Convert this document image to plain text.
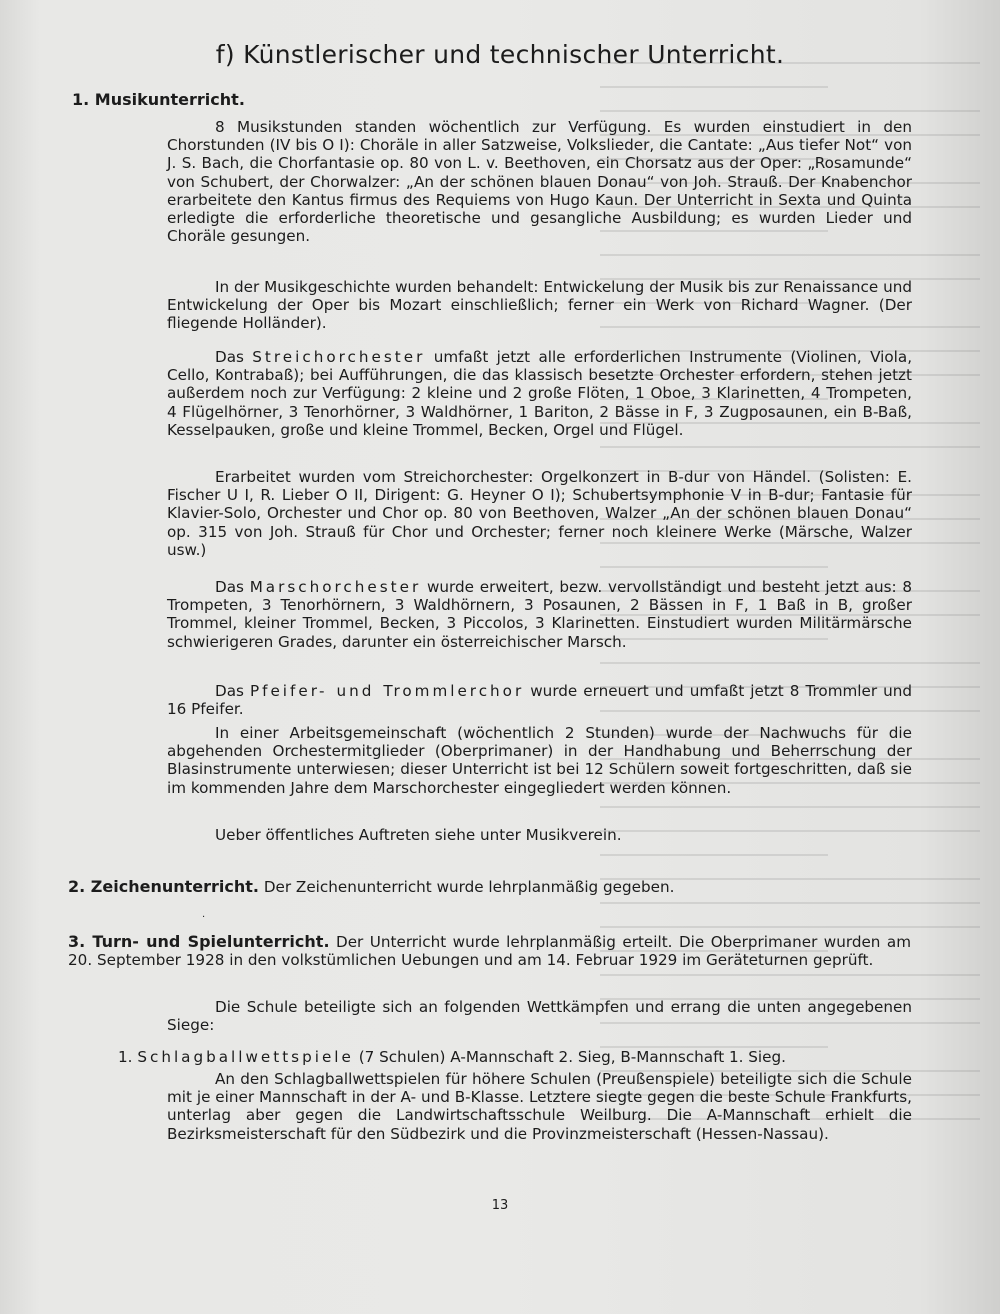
f) Künstlerischer und technischer Unterricht.
1. Musikunterricht.

8 Musikstunden standen wöchentlich zur Verfügung. Es wurden einstudiert in den Chorstunden (IV bis O I): Choräle in aller Satzweise, Volkslieder, die Cantate: „Aus tiefer Not“ von J. S. Bach, die Chorfantasie op. 80 von L. v. Beethoven, ein Chorsatz aus der Oper: „Rosamunde“ von Schubert, der Chorwalzer: „An der schönen blauen Donau“ von Joh. Strauß. Der Knabenchor erarbeitete den Kantus firmus des Requiems von Hugo Kaun. Der Unterricht in Sexta und Quinta erledigte die erforderliche theoretische und gesangliche Ausbildung; es wurden Lieder und Choräle gesungen.

In der Musikgeschichte wurden behandelt: Entwickelung der Musik bis zur Renaissance und Entwickelung der Oper bis Mozart einschließlich; ferner ein Werk von Richard Wagner. (Der fliegende Holländer).

Das Streichorchester umfaßt jetzt alle erforderlichen Instrumente (Violinen, Viola, Cello, Kontrabaß); bei Aufführungen, die das klassisch besetzte Orchester erfordern, stehen jetzt außerdem noch zur Verfügung: 2 kleine und 2 große Flöten, 1 Oboe, 3 Klarinetten, 4 Trompeten, 4 Flügelhörner, 3 Tenorhörner, 3 Waldhörner, 1 Bariton, 2 Bässe in F, 3 Zugposaunen, ein B-Baß, Kesselpauken, große und kleine Trommel, Becken, Orgel und Flügel.

Erarbeitet wurden vom Streichorchester: Orgelkonzert in B-dur von Händel. (Solisten: E. Fischer U I, R. Lieber O II, Dirigent: G. Heyner O I); Schubertsymphonie V in B-dur; Fantasie für Klavier-Solo, Orchester und Chor op. 80 von Beethoven, Walzer „An der schönen blauen Donau“ op. 315 von Joh. Strauß für Chor und Orchester; ferner noch kleinere Werke (Märsche, Walzer usw.)

Das Marschorchester wurde erweitert, bezw. vervollständigt und besteht jetzt aus: 8 Trompeten, 3 Tenorhörnern, 3 Waldhörnern, 3 Posaunen, 2 Bässen in F, 1 Baß in B, großer Trommel, kleiner Trommel, Becken, 3 Piccolos, 3 Klarinetten. Einstudiert wurden Militärmärsche schwierigeren Grades, darunter ein österreichischer Marsch.

Das Pfeifer- und Trommlerchor wurde erneuert und umfaßt jetzt 8 Trommler und 16 Pfeifer.

In einer Arbeitsgemeinschaft (wöchentlich 2 Stunden) wurde der Nachwuchs für die abgehenden Orchestermitglieder (Oberprimaner) in der Handhabung und Beherrschung der Blasinstrumente unterwiesen; dieser Unterricht ist bei 12 Schülern soweit fortgeschritten, daß sie im kommenden Jahre dem Marschorchester eingegliedert werden können.

Ueber öffentliches Auftreten siehe unter Musikverein.

2. Zeichenunterricht. Der Zeichenunterricht wurde lehrplanmäßig gegeben.

·

3. Turn- und Spielunterricht. Der Unterricht wurde lehrplanmäßig erteilt. Die Oberprimaner wurden am 20. September 1928 in den volkstümlichen Uebungen und am 14. Februar 1929 im Geräteturnen geprüft.

Die Schule beteiligte sich an folgenden Wettkämpfen und errang die unten angegebenen Siege:

1. Schlagballwettspiele (7 Schulen) A-Mannschaft 2. Sieg, B-Mannschaft 1. Sieg.

An den Schlagballwettspielen für höhere Schulen (Preußenspiele) beteiligte sich die Schule mit je einer Mannschaft in der A- und B-Klasse. Letztere siegte gegen die beste Schule Frankfurts, unterlag aber gegen die Landwirtschaftsschule Weilburg. Die A-Mannschaft erhielt die Bezirksmeisterschaft für den Südbezirk und die Provinzmeisterschaft (Hessen-Nassau).

13
